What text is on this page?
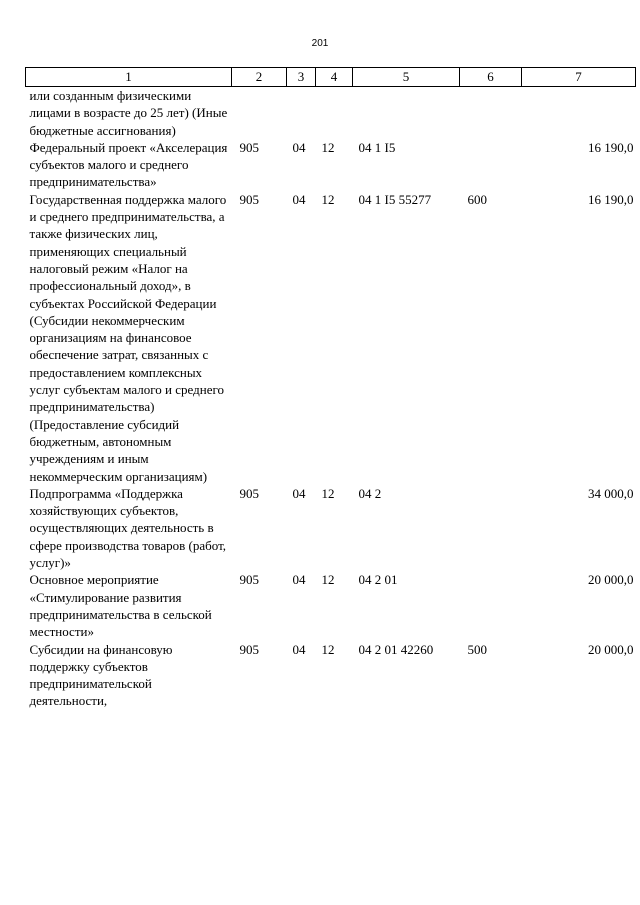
201
1	2	3	4	5	6	7
или созданным физическими лицами в возрасте до 25 лет) (Иные бюджетные ассигнования)						
Федеральный проект «Акселерация субъектов малого и среднего предпринимательства»	905	04	12	04 1 I5		16 190,0
Государственная поддержка малого и среднего предпринимательства, а также физических лиц, применяющих специальный налоговый режим «Налог на профессиональный доход», в субъектах Российской Федерации (Субсидии некоммерческим организациям на финансовое обеспечение затрат, связанных с предоставлением комплексных услуг субъектам малого и среднего предпринимательства) (Предоставление субсидий бюджетным, автономным учреждениям и иным некоммерческим организациям)	905	04	12	04 1 I5 55277	600	16 190,0
Подпрограмма «Поддержка хозяйствующих субъектов, осуществляющих деятельность в сфере производства товаров (работ, услуг)»	905	04	12	04 2		34 000,0
Основное мероприятие «Стимулирование развития предпринимательства в сельской местности»	905	04	12	04 2 01		20 000,0
Субсидии на финансовую поддержку субъектов предпринимательской деятельности,	905	04	12	04 2 01 42260	500	20 000,0
